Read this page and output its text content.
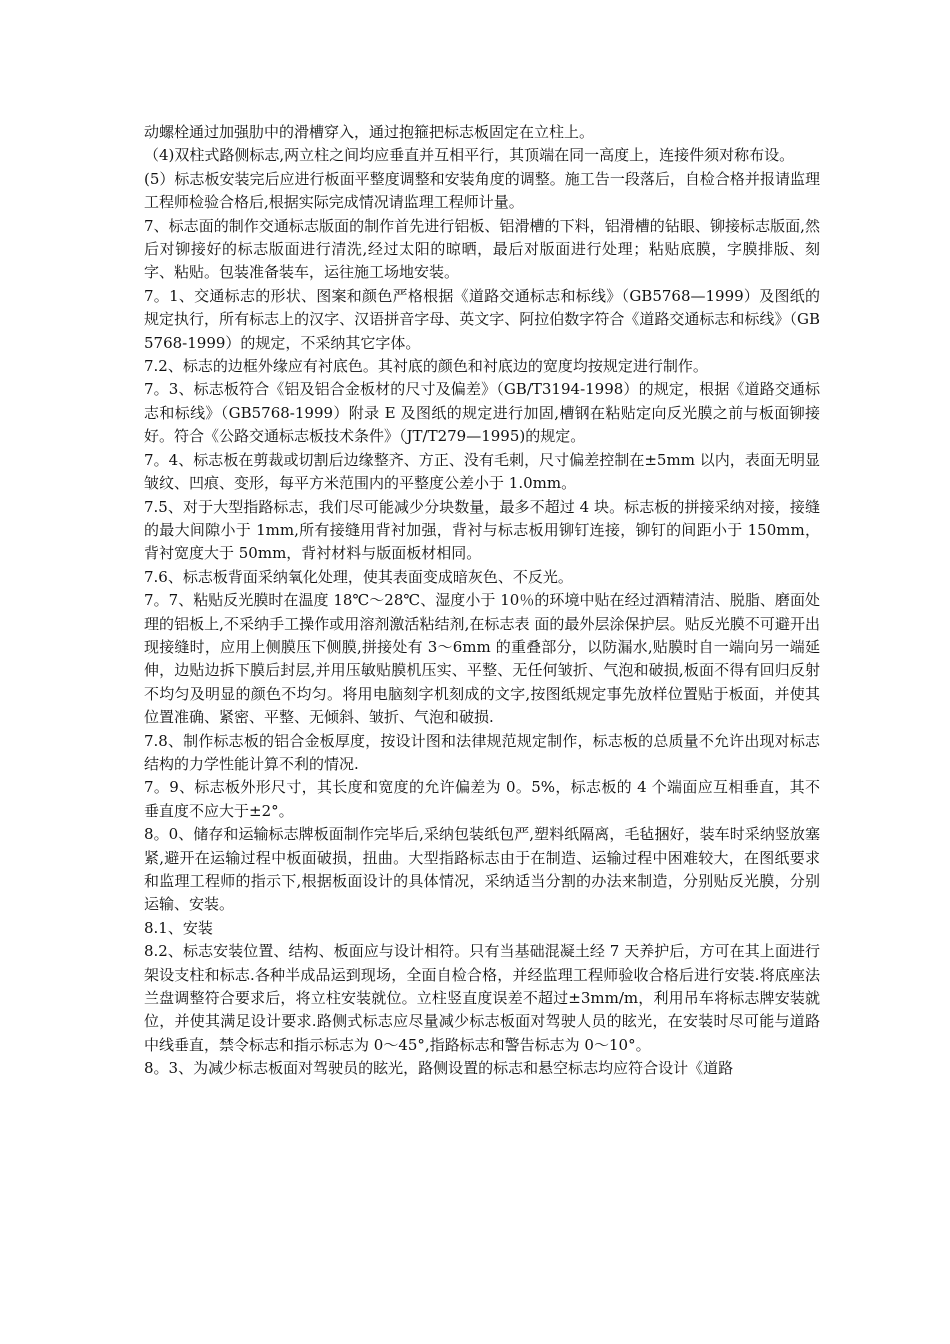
动螺栓通过加强肋中的滑槽穿入，通过抱箍把标志板固定在立柱上。

（4)双柱式路侧标志,两立柱之间均应垂直并互相平行，其顶端在同一高度上，连接件须对称布设。

(5）标志板安装完后应进行板面平整度调整和安装角度的调整。施工告一段落后，自检合格并报请监理工程师检验合格后,根据实际完成情况请监理工程师计量。

7、标志面的制作交通标志版面的制作首先进行铝板、铝滑槽的下料，铝滑槽的钻眼、铆接标志版面,然后对铆接好的标志版面进行清洗,经过太阳的晾晒，最后对版面进行处理；粘贴底膜，字膜排版、刻字、粘贴。包装准备装车，运往施工场地安装。

7。1、交通标志的形状、图案和颜色严格根据《道路交通标志和标线》（GB5768—1999）及图纸的规定执行，所有标志上的汉字、汉语拼音字母、英文字、阿拉伯数字符合《道路交通标志和标线》（GB5768-1999）的规定，不采纳其它字体。

7.2、标志的边框外缘应有衬底色。其衬底的颜色和衬底边的宽度均按规定进行制作。

7。3、标志板符合《铝及铝合金板材的尺寸及偏差》（GB/T3194-1998）的规定，根据《道路交通标志和标线》（GB5768-1999）附录 E 及图纸的规定进行加固,槽钢在粘贴定向反光膜之前与板面铆接好。符合《公路交通标志板技术条件》（JT/T279—1995)的规定。

7。4、标志板在剪裁或切割后边缘整齐、方正、没有毛刺，尺寸偏差控制在±5mm 以内，表面无明显皱纹、凹痕、变形，每平方米范围内的平整度公差小于 1.0mm。

7.5、对于大型指路标志，我们尽可能减少分块数量，最多不超过 4 块。标志板的拼接采纳对接，接缝的最大间隙小于 1mm,所有接缝用背衬加强，背衬与标志板用铆钉连接，铆钉的间距小于 150mm，背衬宽度大于 50mm，背衬材料与版面板材相同。

7.6、标志板背面采纳氧化处理，使其表面变成暗灰色、不反光。

7。7、粘贴反光膜时在温度 18℃～28℃、湿度小于 10％的环境中贴在经过酒精清洁、脱脂、磨面处理的铝板上,不采纳手工操作或用溶剂激活粘结剂,在标志表 面的最外层涂保护层。贴反光膜不可避开出现接缝时，应用上侧膜压下侧膜,拼接处有 3～6mm 的重叠部分，以防漏水,贴膜时自一端向另一端延伸，边贴边拆下膜后封层,并用压敏贴膜机压实、平整、无任何皱折、气泡和破损,板面不得有回归反射不均匀及明显的颜色不均匀。将用电脑刻字机刻成的文字,按图纸规定事先放样位置贴于板面，并使其位置准确、紧密、平整、无倾斜、皱折、气泡和破损.

7.8、制作标志板的铝合金板厚度，按设计图和法律规范规定制作，标志板的总质量不允许出现对标志结构的力学性能计算不利的情况.

7。9、标志板外形尺寸，其长度和宽度的允许偏差为 0。5%，标志板的 4 个端面应互相垂直，其不垂直度不应大于±2°。

8。0、储存和运输标志牌板面制作完毕后,采纳包装纸包严,塑料纸隔离，毛毡捆好，装车时采纳竖放塞紧,避开在运输过程中板面破损，扭曲。大型指路标志由于在制造、运输过程中困难较大，在图纸要求和监理工程师的指示下,根据板面设计的具体情况，采纳适当分割的办法来制造，分别贴反光膜，分别运输、安装。

8.1、安装

8.2、标志安装位置、结构、板面应与设计相符。只有当基础混凝土经 7 天养护后，方可在其上面进行架设支柱和标志.各种半成品运到现场，全面自检合格，并经监理工程师验收合格后进行安装.将底座法兰盘调整符合要求后，将立柱安装就位。立柱竖直度误差不超过±3mm/m，利用吊车将标志牌安装就位，并使其满足设计要求.路侧式标志应尽量减少标志板面对驾驶人员的眩光，在安装时尽可能与道路中线垂直，禁令标志和指示标志为 0～45°,指路标志和警告标志为 0～10°。

8。3、为减少标志板面对驾驶员的眩光，路侧设置的标志和悬空标志均应符合设计《道路
